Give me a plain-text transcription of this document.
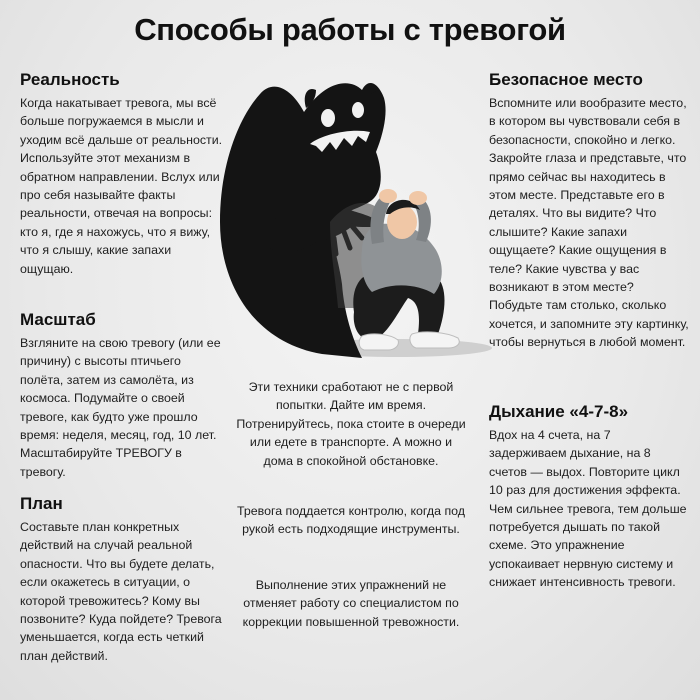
Способы работы с тревогой
Реальность

Когда накатывает тревога, мы всё больше погружаемся в мысли и уходим всё дальше от реальности. Используйте этот механизм в обратном направлении. Вслух или про себя называйте факты реальности, отвечая на вопросы: кто я, где я нахожусь, что я вижу, что я слышу, какие запахи ощущаю.

Масштаб

Взгляните на свою тревогу (или ее причину) с высоты птичьего полёта, затем из самолёта, из космоса. Подумайте о своей тревоге, как будто уже прошло время: неделя, месяц, год, 10 лет. Масштабируйте ТРЕВОГУ в тревогу.

План

Составьте план конкретных действий на случай реальной опасности. Что вы будете делать, если окажетесь в ситуации, о которой тревожитесь? Кому вы позвоните? Куда пойдете? Тревога уменьшается, когда есть четкий план действий.

Безопасное место

Вспомните или вообразите место, в котором вы чувствовали себя в безопасности, спокойно и легко. Закройте глаза и представьте, что прямо сейчас вы находитесь в этом месте. Представьте его в деталях. Что вы видите? Что слышите? Какие запахи ощущаете? Какие ощущения в теле? Какие чувства у вас возникают в этом месте? Побудьте там столько, сколько хочется, и запомните эту картинку, чтобы вернуться в любой момент.

Дыхание «4-7-8»

Вдох на 4 счета, на 7 задерживаем дыхание, на 8 счетов — выдох. Повторите цикл 10 раз для достижения эффекта. Чем сильнее тревога, тем дольше потребуется дышать по такой схеме. Это упражнение успокаивает нервную систему и снижает интенсивность тревоги.

Эти техники сработают не с первой попытки. Дайте им время. Потренируйтесь, пока стоите в очереди или едете в транспорте. А можно и дома в спокойной обстановке.

Тревога поддается контролю, когда под рукой есть подходящие инструменты.

Выполнение этих упражнений не отменяет работу со специалистом по коррекции повышенной тревожности.
